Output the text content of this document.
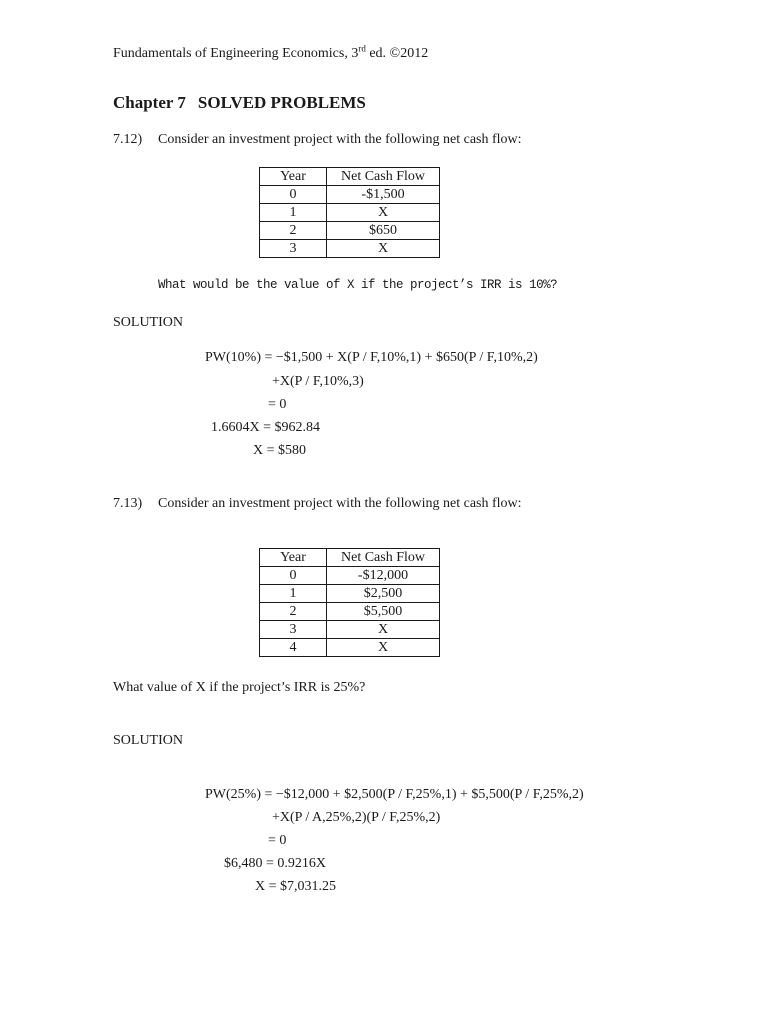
Fundamentals of Engineering Economics, 3rd ed. ©2012
Chapter 7 SOLVED PROBLEMS
7.12) Consider an investment project with the following net cash flow:
Year	Net Cash Flow
0	-$1,500
1	X
2	$650
3	X
What would be the value of X if the project’s IRR is 10%?
SOLUTION
PW(10%) = −$1,500 + X(P / F,10%,1) + $650(P / F,10%,2)
+X(P / F,10%,3)
= 0
1.6604X = $962.84
X = $580
7.13) Consider an investment project with the following net cash flow:
Year	Net Cash Flow
0	-$12,000
1	$2,500
2	$5,500
3	X
4	X
What value of X if the project’s IRR is 25%?
SOLUTION
PW(25%) = −$12,000 + $2,500(P / F,25%,1) + $5,500(P / F,25%,2)
+X(P / A,25%,2)(P / F,25%,2)
= 0
$6,480 = 0.9216X
X = $7,031.25
